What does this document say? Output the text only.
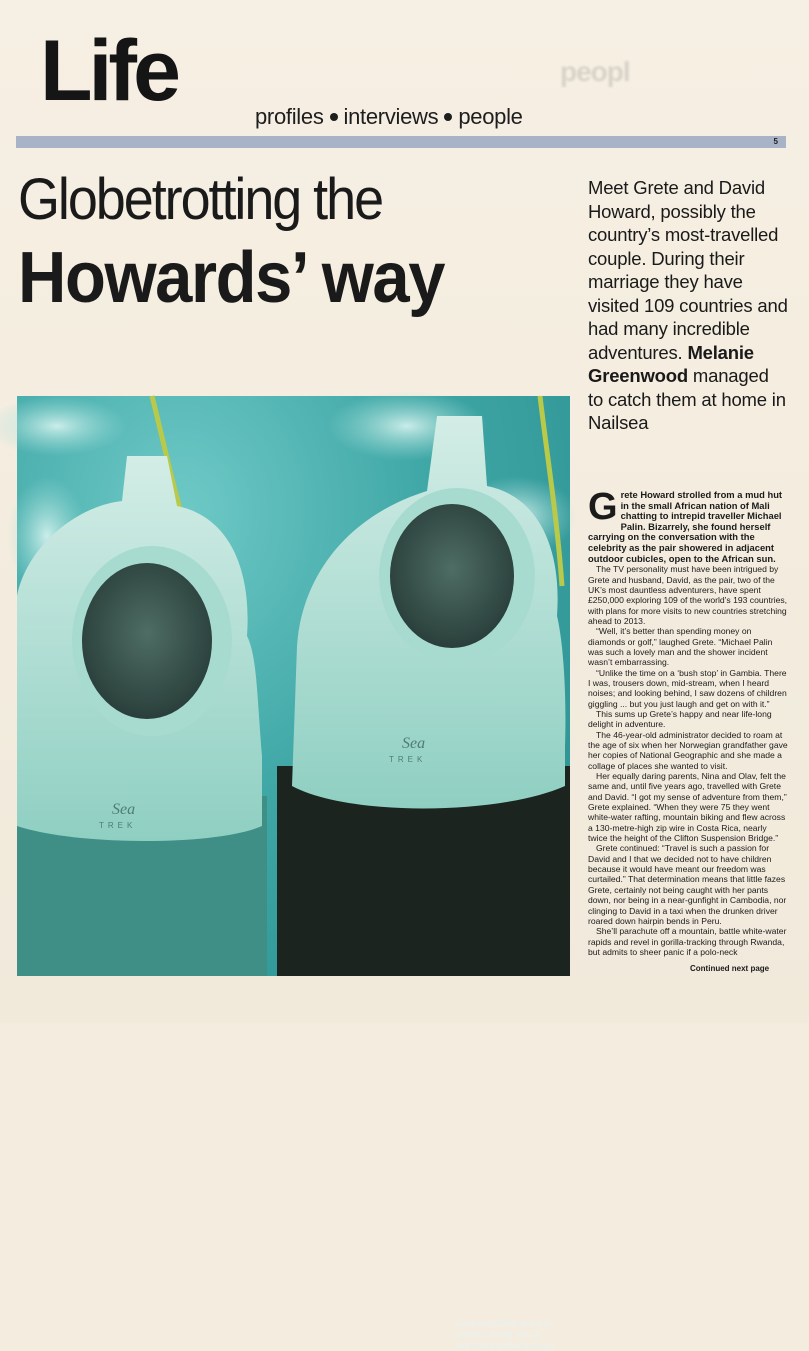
peopl
Life	profiles interviews people
5
Globetrotting the
Howards’ way
Meet Grete and David Howard, possibly the country’s most-travelled couple. During their marriage they have visited 109 countries and had many incredible adventures. Melanie Greenwood managed to catch them at home in Nailsea
Sea
TREK
Sea
TREK
Grete and David diving in Jamaica during one of their many global journeys

Grete Howard strolled from a mud hut in the small African nation of Mali chatting to intrepid traveller Michael Palin. Bizarrely, she found herself carrying on the conversation with the celebrity as the pair showered in adjacent outdoor cubicles, open to the African sun.

The TV personality must have been intrigued by Grete and husband, David, as the pair, two of the UK’s most dauntless adventurers, have spent £250,000 exploring 109 of the world’s 193 countries, with plans for more visits to new countries stretching ahead to 2013.

“Well, it’s better than spending money on diamonds or golf,” laughed Grete. “Michael Palin was such a lovely man and the shower incident wasn’t embarrassing.

“Unlike the time on a ‘bush stop’ in Gambia. There I was, trousers down, mid-stream, when I heard noises; and looking behind, I saw dozens of children giggling ... but you just laugh and get on with it.”

This sums up Grete’s happy and near life-long delight in adventure.

The 46-year-old administrator decided to roam at the age of six when her Norwegian grandfather gave her copies of National Geographic and she made a collage of places she wanted to visit.

Her equally daring parents, Nina and Olav, felt the same and, until five years ago, travelled with Grete and David. “I got my sense of adventure from them,” Grete explained. “When they were 75 they went white-water rafting, mountain biking and flew across a 130-metre-high zip wire in Costa Rica, nearly twice the height of the Clifton Suspension Bridge.”

Grete continued: “Travel is such a passion for David and I that we decided not to have children because it would have meant our freedom was curtailed.” That determination means that little fazes Grete, certainly not being caught with her pants down, nor being in a near-gunfight in Cambodia, nor clinging to David in a taxi when the drunken driver roared down hairpin bends in Peru.

She’ll parachute off a mountain, battle white-water rapids and revel in gorilla-tracking through Rwanda, but admits to sheer panic if a polo-neck

Continued next page
